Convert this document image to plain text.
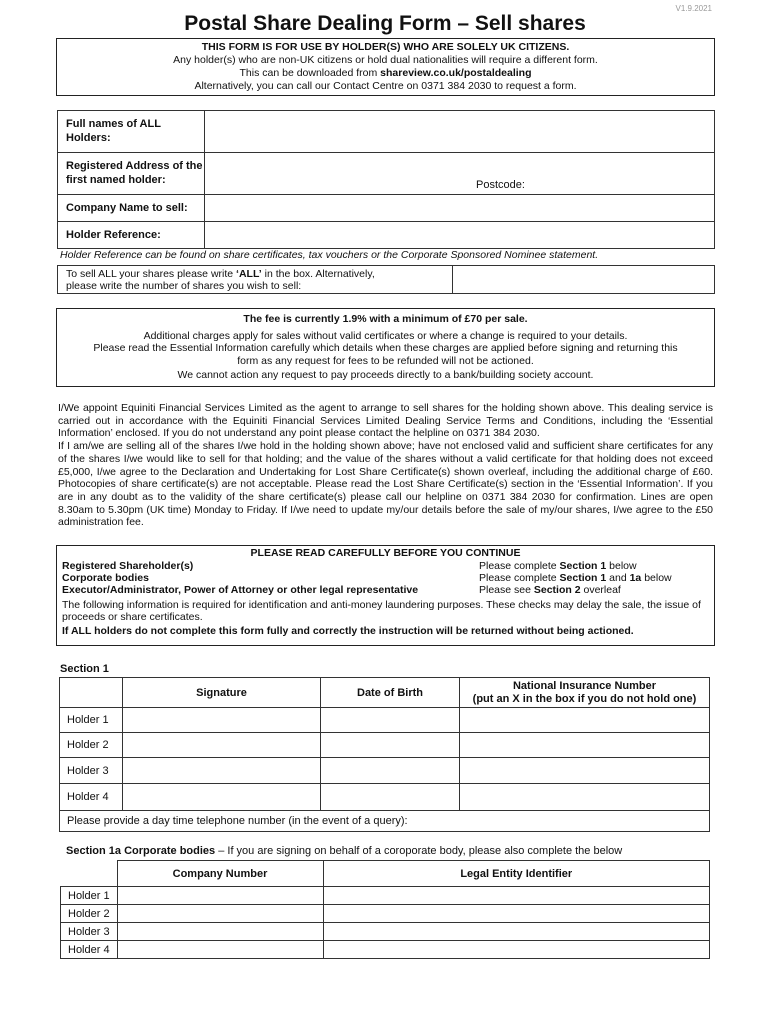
V1.9.2021
Postal Share Dealing Form – Sell shares
THIS FORM IS FOR USE BY HOLDER(S) WHO ARE SOLELY UK CITIZENS.
Any holder(s) who are non-UK citizens or hold dual nationalities will require a different form.
This can be downloaded from shareview.co.uk/postaldealing
Alternatively, you can call our Contact Centre on 0371 384 2030 to request a form.
Full names of ALL Holders:	
Registered Address of the first named holder:	Postcode:

Company Name to sell:	
Holder Reference:	
Holder Reference can be found on share certificates, tax vouchers or the Corporate Sponsored Nominee statement.
To sell ALL your shares please write ‘ALL’ in the box. Alternatively,
please write the number of shares you wish to sell:
The fee is currently 1.9% with a minimum of £70 per sale.
Additional charges apply for sales without valid certificates or where a change is required to your details.
Please read the Essential Information carefully which details when these charges are applied before signing and returning this
form as any request for fees to be refunded will not be actioned.
We cannot action any request to pay proceeds directly to a bank/building society account.
I/We appoint Equiniti Financial Services Limited as the agent to arrange to sell shares for the holding shown above. This dealing service is carried out in accordance with the Equiniti Financial Services Limited Dealing Service Terms and Conditions, including the ‘Essential Information’ enclosed. If you do not understand any point please contact the helpline on 0371 384 2030.
If I am/we are selling all of the shares I/we hold in the holding shown above; have not enclosed valid and sufficient share certificates for any of the shares I/we would like to sell for that holding; and the value of the shares without a valid certificate for that holding does not exceed £5,000, I/we agree to the Declaration and Undertaking for Lost Share Certificate(s) shown overleaf, including the additional charge of £60. Photocopies of share certificate(s) are not acceptable. Please read the Lost Share Certificate(s) section in the ‘Essential Information’. If you are in any doubt as to the validity of the share certificate(s) please call our helpline on 0371 384 2030 for confirmation. Lines are open 8.30am to 5.30pm (UK time) Monday to Friday. If I/we need to update my/our details before the sale of my/our shares, I/we agree to the £50 administration fee.
PLEASE READ CAREFULLY BEFORE YOU CONTINUE
Registered Shareholder(s)	Please complete Section 1 below
Corporate bodies	Please complete Section 1 and 1a below
Executor/Administrator, Power of Attorney or other legal representative	Please see Section 2 overleaf
The following information is required for identification and anti-money laundering purposes. These checks may delay the sale, the issue of proceeds or share certificates.
If ALL holders do not complete this form fully and correctly the instruction will be returned without being actioned.
Section 1
	Signature	Date of Birth	National Insurance Number
(put an X in the box if you do not hold one)

Holder 1			
Holder 2			
Holder 3			
Holder 4			
Please provide a day time telephone number (in the event of a query):			
Section 1a Corporate bodies – If you are signing on behalf of a coroporate body, please also complete the below
	Company Number	Legal Entity Identifier
Holder 1		
Holder 2		
Holder 3		
Holder 4		
